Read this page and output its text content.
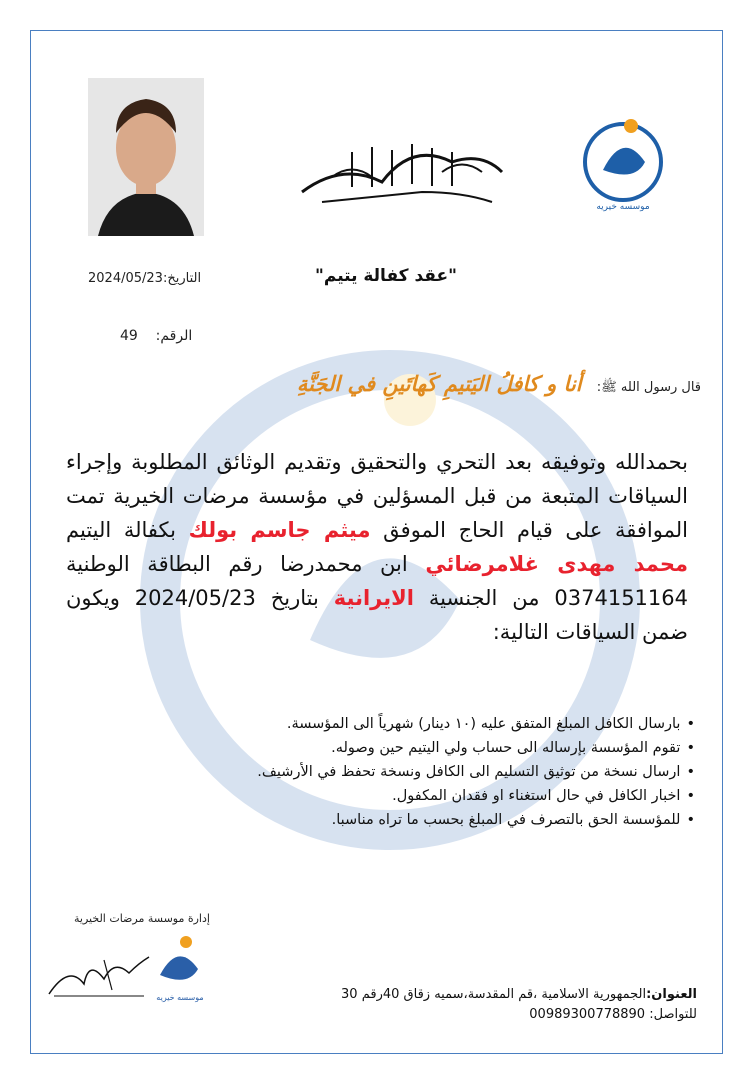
موسسه خيريه
التاريخ:2024/05/23	"عقد كفالة يتيم"
الرقم:    49
قال رسول الله ﷺ: أنا و كافلُ اليَتيمِ كَهاتَينِ في الجَنَّةِ
بحمدالله وتوفيقه بعد التحري والتحقيق وتقديم الوثائق المطلوبة وإجراء السياقات المتبعة من قبل المسؤلين في مؤسسة مرضات الخيرية تمت الموافقة على قيام الحاج الموفق ميثم جاسم بولك بكفالة اليتيم محمد مهدى غلامرضائي ابن محمدرضا رقم البطاقة الوطنية 0374151164 من الجنسية الايرانية بتاريخ 2024/05/23 ويكون ضمن السياقات التالية:
• بارسال الكافل المبلغ المتفق عليه (١٠ دينار) شهرياً الى المؤسسة.
• تقوم المؤسسة بإرساله الى حساب ولي اليتيم حين وصوله.
• ارسال نسخة من توثيق التسليم الى الكافل ونسخة تحفظ في الأرشيف.
• اخبار الكافل في حال استغناء او فقدان المكفول.
• للمؤسسة الحق بالتصرف في المبلغ بحسب ما تراه مناسبا.
إدارة موسسة مرضات الخيرية
موسسه خيريه	العنوان:الجمهورية الاسلامية ،قم المقدسة،سميه زقاق 40رقم 30
للتواصل: 00989300778890
